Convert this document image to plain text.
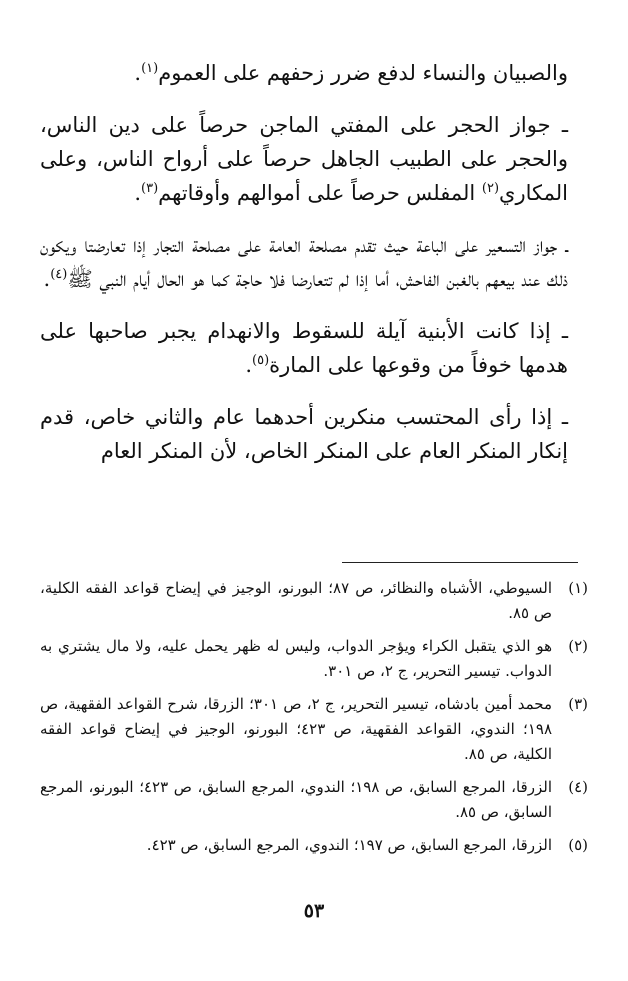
والصبيان والنساء لدفع ضرر زحفهم على العموم$^{(١)}$.

ـ جواز الحجر على المفتي الماجن حرصاً على دين الناس، والحجر على الطبيب الجاهل حرصاً على أرواح الناس، وعلى المكاري$^{(٢)}$ المفلس حرصاً على أموالهم وأوقاتهم$^{(٣)}$.

ـ جواز التسعير على الباعة حيث تقدم مصلحة العامة على مصلحة التجار إذا تعارضتا ويكون ذلك عند بيعهم بالغبن الفاحش، أما إذا لم تتعارضا فلا حاجة كما هو الحال أيام النبي ﷺ$^{(٤)}$.

ـ إذا كانت الأبنية آيلة للسقوط والانهدام يجبر صاحبها على هدمها خوفاً من وقوعها على المارة$^{(٥)}$.

ـ إذا رأى المحتسب منكرين أحدهما عام والثاني خاص، قدم إنكار المنكر العام على المنكر الخاص، لأن المنكر العام

(١)
السيوطي، الأشباه والنظائر، ص ٨٧؛ البورنو، الوجيز في إيضاح قواعد الفقه الكلية، ص ٨٥.
(٢)
هو الذي يتقبل الكراء ويؤجر الدواب، وليس له ظهر يحمل عليه، ولا مال يشتري به الدواب. تيسير التحرير، ج ٢، ص ٣٠١.
(٣)
محمد أمين بادشاه، تيسير التحرير، ج ٢، ص ٣٠١؛ الزرقا، شرح القواعد الفقهية، ص ١٩٨؛ الندوي، القواعد الفقهية، ص ٤٢٣؛ البورنو، الوجيز في إيضاح قواعد الفقه الكلية، ص ٨٥.
(٤)
الزرقا، المرجع السابق، ص ١٩٨؛ الندوي، المرجع السابق، ص ٤٢٣؛ البورنو، المرجع السابق، ص ٨٥.
(٥)
الزرقا، المرجع السابق، ص ١٩٧؛ الندوي، المرجع السابق، ص ٤٢٣.
٥٣
